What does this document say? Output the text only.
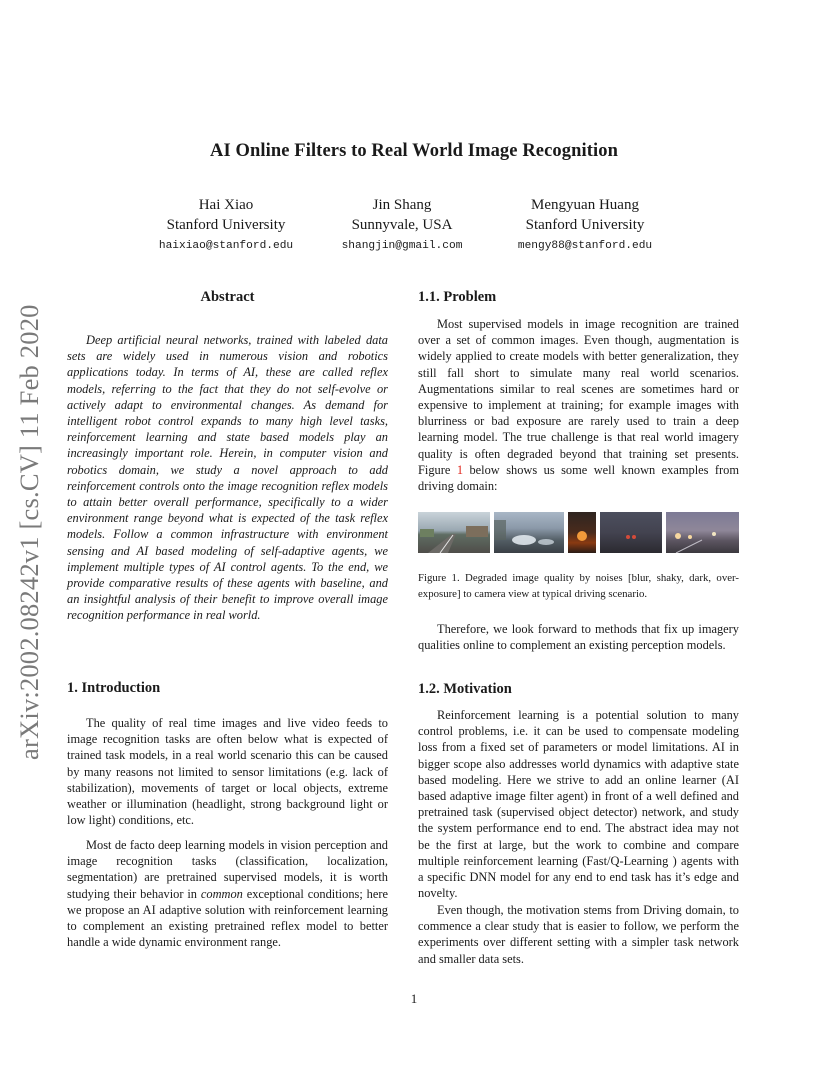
AI Online Filters to Real World Image Recognition
Hai Xiao
Stanford University
haixiao@stanford.edu
Jin Shang
Sunnyvale, USA
shangjin@gmail.com
Mengyuan Huang
Stanford University
mengy88@stanford.edu
arXiv:2002.08242v1 [cs.CV] 11 Feb 2020
Abstract

Deep artificial neural networks, trained with labeled data sets are widely used in numerous vision and robotics applications today. In terms of AI, these are called reflex models, referring to the fact that they do not self-evolve or actively adapt to environmental changes. As demand for intelligent robot control expands to many high level tasks, reinforcement learning and state based models play an increasingly important role. Herein, in computer vision and robotics domain, we study a novel approach to add reinforcement controls onto the image recognition reflex models to attain better overall performance, specifically to a wider environment range beyond what is expected of the task reflex models. Follow a common infrastructure with environment sensing and AI based modeling of self-adaptive agents, we implement multiple types of AI control agents. To the end, we provide comparative results of these agents with baseline, and an insightful analysis of their benefit to improve overall image recognition performance in real world.

1. Introduction

The quality of real time images and live video feeds to image recognition tasks are often below what is expected of trained task models, in a real world scenario this can be caused by many reasons not limited to sensor limitations (e.g. lack of stabilization), movements of target or local objects, extreme weather or illumination (headlight, strong background light or low light) conditions, etc.

Most de facto deep learning models in vision perception and image recognition tasks (classification, localization, segmentation) are pretrained supervised models, it is worth studying their behavior in common exceptional conditions; here we propose an AI adaptive solution with reinforcement learning to complement an existing pretrained reflex model to better handle a wide dynamic environment range.

1.1. Problem

Most supervised models in image recognition are trained over a set of common images. Even though, augmentation is widely applied to create models with better generalization, they still fall short to simulate many real world scenarios. Augmentations similar to real scenes are sometimes hard or expensive to implement at training; for example images with blurriness or bad exposure are rarely used to train a deep learning model. The true challenge is that real world imagery quality is often degraded beyond that training set presents. Figure 1 below shows us some well known examples from driving domain:

Figure 1. Degraded image quality by noises [blur, shaky, dark, over-exposure] to camera view at typical driving scenario.

Therefore, we look forward to methods that fix up imagery qualities online to complement an existing perception models.

1.2. Motivation

Reinforcement learning is a potential solution to many control problems, i.e. it can be used to compensate modeling loss from a fixed set of parameters or model limitations. AI in bigger scope also addresses world dynamics with adaptive state based modeling. Here we strive to add an online learner (AI based adaptive image filter agent) in front of a well defined and pretrained task (supervised object detector) network, and study the system performance end to end. The abstract idea may not be the first at large, but the work to combine and compare multiple reinforcement learning (Fast/Q-Learning ) agents with a specific DNN model for any end to end task has it’s edge and novelty.

Even though, the motivation stems from Driving domain, to commence a clear study that is easier to follow, we perform the experiments over different setting with a simpler task network and smaller data sets.

1
